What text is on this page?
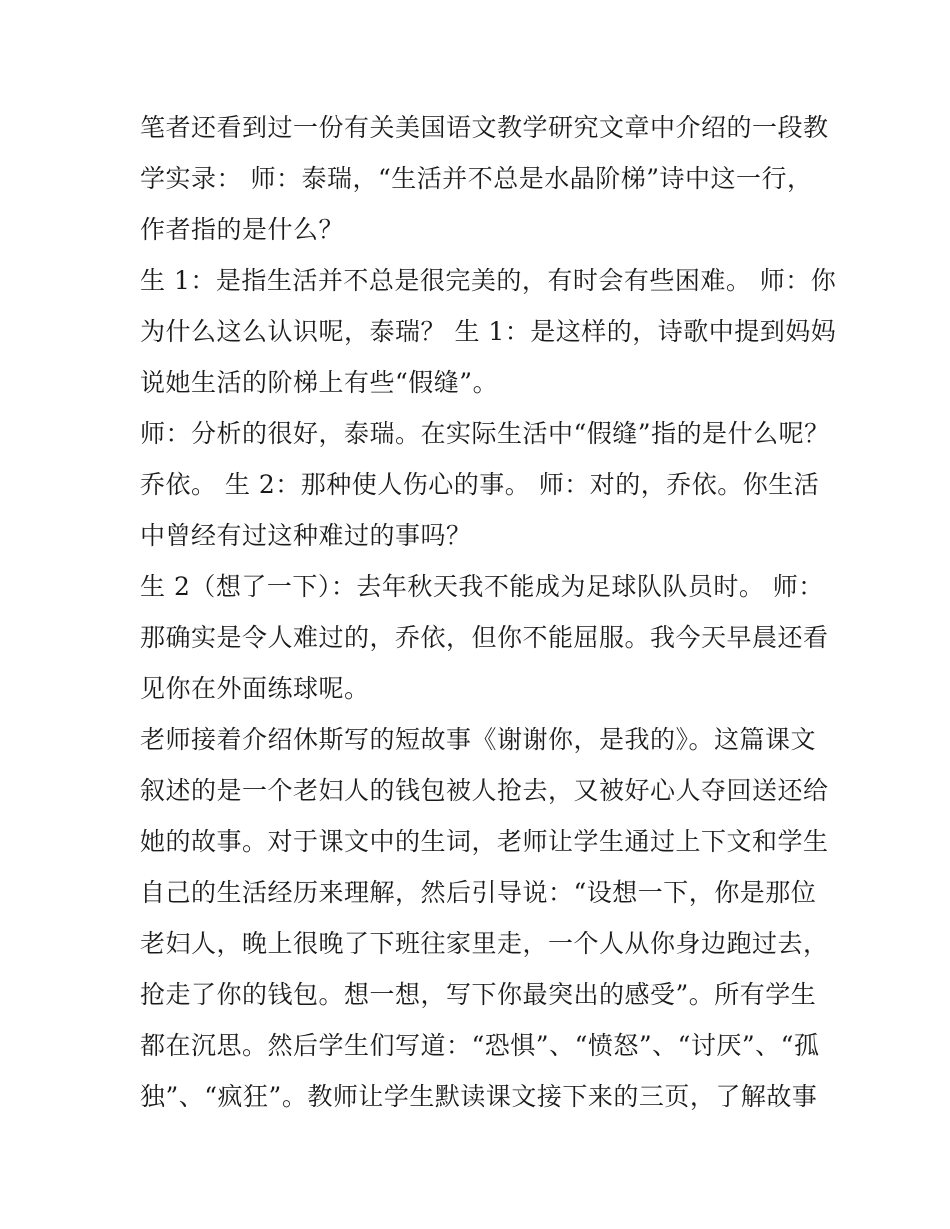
笔者还看到过一份有关美国语文教学研究文章中介绍的一段教
学实录： 师：泰瑞，“生活并不总是水晶阶梯”诗中这一行，
作者指的是什么？
生 1：是指生活并不总是很完美的，有时会有些困难。 师：你
为什么这么认识呢，泰瑞？ 生 1：是这样的，诗歌中提到妈妈
说她生活的阶梯上有些“假缝”。
师：分析的很好，泰瑞。在实际生活中“假缝”指的是什么呢？
乔依。 生 2：那种使人伤心的事。 师：对的，乔依。你生活
中曾经有过这种难过的事吗？
生 2（想了一下）：去年秋天我不能成为足球队队员时。 师：
那确实是令人难过的，乔依，但你不能屈服。我今天早晨还看
见你在外面练球呢。
老师接着介绍休斯写的短故事《谢谢你，是我的》。这篇课文
叙述的是一个老妇人的钱包被人抢去，又被好心人夺回送还给
她的故事。对于课文中的生词，老师让学生通过上下文和学生
自己的生活经历来理解，然后引导说：“设想一下，你是那位
老妇人，晚上很晚了下班往家里走，一个人从你身边跑过去，
抢走了你的钱包。想一想，写下你最突出的感受”。所有学生
都在沉思。然后学生们写道：“恐惧”、“愤怒”、“讨厌”、“孤
独”、“疯狂”。教师让学生默读课文接下来的三页，了解故事
